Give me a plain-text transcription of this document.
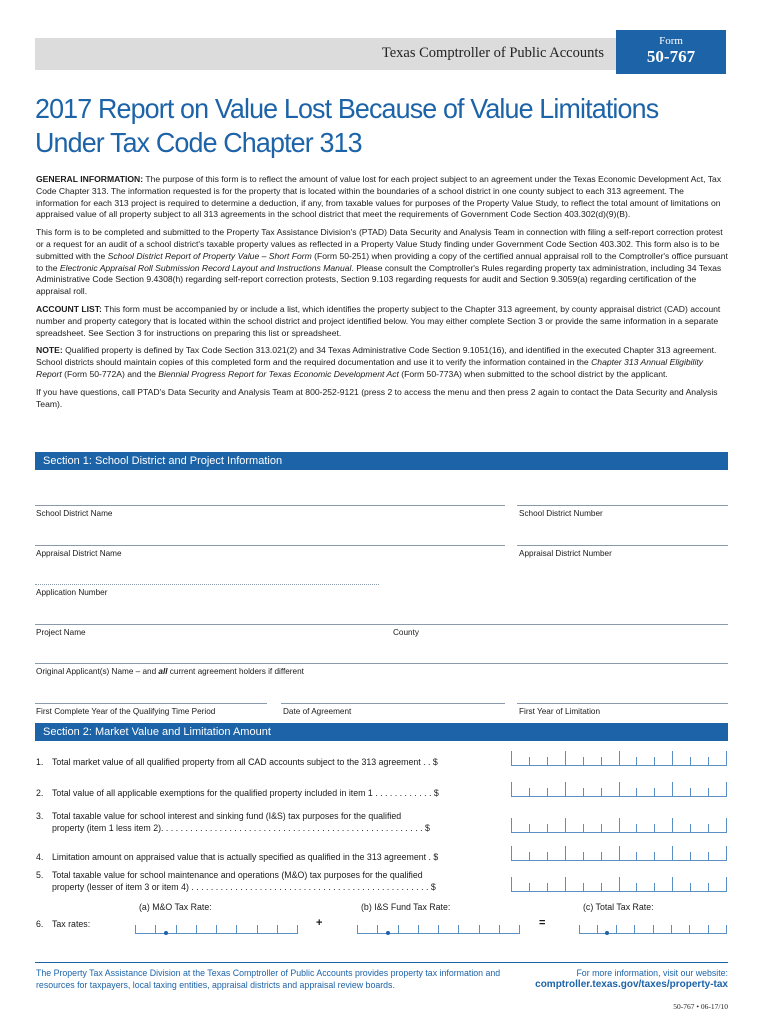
Texas Comptroller of Public Accounts
Form
50-767
2017 Report on Value Lost Because of Value Limitations Under Tax Code Chapter 313

GENERAL INFORMATION: The purpose of this form is to reflect the amount of value lost for each project subject to an agreement under the Texas Economic Development Act, Tax Code Chapter 313. The information requested is for the property that is located within the boundaries of a school district in one county subject to each 313 agreement. The information for each 313 project is required to determine a deduction, if any, from taxable values for purposes of the Property Value Study, to reflect the total amount of limitations on appraised value of all property subject to all 313 agreements in the school district that meet the requirements of Government Code Section 403.302(d)(9)(B).

This form is to be completed and submitted to the Property Tax Assistance Division's (PTAD) Data Security and Analysis Team in connection with filing a self-report correction protest or a request for an audit of a school district's taxable property values as reflected in a Property Value Study finding under Government Code Section 403.302. This form also is to be submitted with the School District Report of Property Value – Short Form (Form 50-251) when providing a copy of the certified annual appraisal roll to the Comptroller's office pursuant to the Electronic Appraisal Roll Submission Record Layout and Instructions Manual. Please consult the Comptroller's Rules regarding property tax administration, including 34 Texas Administrative Code Section 9.4308(h) regarding self-report correction protests, Section 9.103 regarding requests for audit and Section 9.3059(a) regarding certification of the appraisal roll.

ACCOUNT LIST: This form must be accompanied by or include a list, which identifies the property subject to the Chapter 313 agreement, by county appraisal district (CAD) account number and property category that is located within the school district and project identified below. You may either complete Section 3 or provide the same information in a separate spreadsheet. See Section 3 for instructions on preparing this list or spreadsheet.

NOTE: Qualified property is defined by Tax Code Section 313.021(2) and 34 Texas Administrative Code Section 9.1051(16), and identified in the executed Chapter 313 agreement. School districts should maintain copies of this completed form and the required documentation and use it to verify the information contained in the Chapter 313 Annual Eligibility Report (Form 50-772A) and the Biennial Progress Report for Texas Economic Development Act (Form 50-773A) when submitted to the school district by the applicant.

If you have questions, call PTAD's Data Security and Analysis Team at 800-252-9121 (press 2 to access the menu and then press 2 again to contact the Data Security and Analysis Team).

Section 1: School District and Project Information
School District Name	School District Number
Appraisal District Name	Appraisal District Number
Application Number
Project Name	County
Original Applicant(s) Name – and all current agreement holders if different
First Complete Year of the Qualifying Time Period	Date of Agreement	First Year of Limitation
Section 2: Market Value and Limitation Amount
1. Total market value of all qualified property from all CAD accounts subject to the 313 agreement . . $
2. Total value of all applicable exemptions for the qualified property included in item 1 . . . . . . . . . . . . $
3. Total taxable value for school interest and sinking fund (I&S) tax purposes for the qualified
property (item 1 less item 2). . . . . . . . . . . . . . . . . . . . . . . . . . . . . . . . . . . . . . . . . . . . . . . . . . . . . . $
4. Limitation amount on appraised value that is actually specified as qualified in the 313 agreement . $
5. Total taxable value for school maintenance and operations (M&O) tax purposes for the qualified
property (lesser of item 3 or item 4) . . . . . . . . . . . . . . . . . . . . . . . . . . . . . . . . . . . . . . . . . . . . . . . . . $
(a) M&O Tax Rate:	(b) I&S Fund Tax Rate:	(c) Total Tax Rate:
6. Tax rates:	+	=
The Property Tax Assistance Division at the Texas Comptroller of Public Accounts provides property tax information and resources for taxpayers, local taxing entities, appraisal districts and appraisal review boards.
For more information, visit our website:
comptroller.texas.gov/taxes/property-tax
50-767 • 06-17/10
